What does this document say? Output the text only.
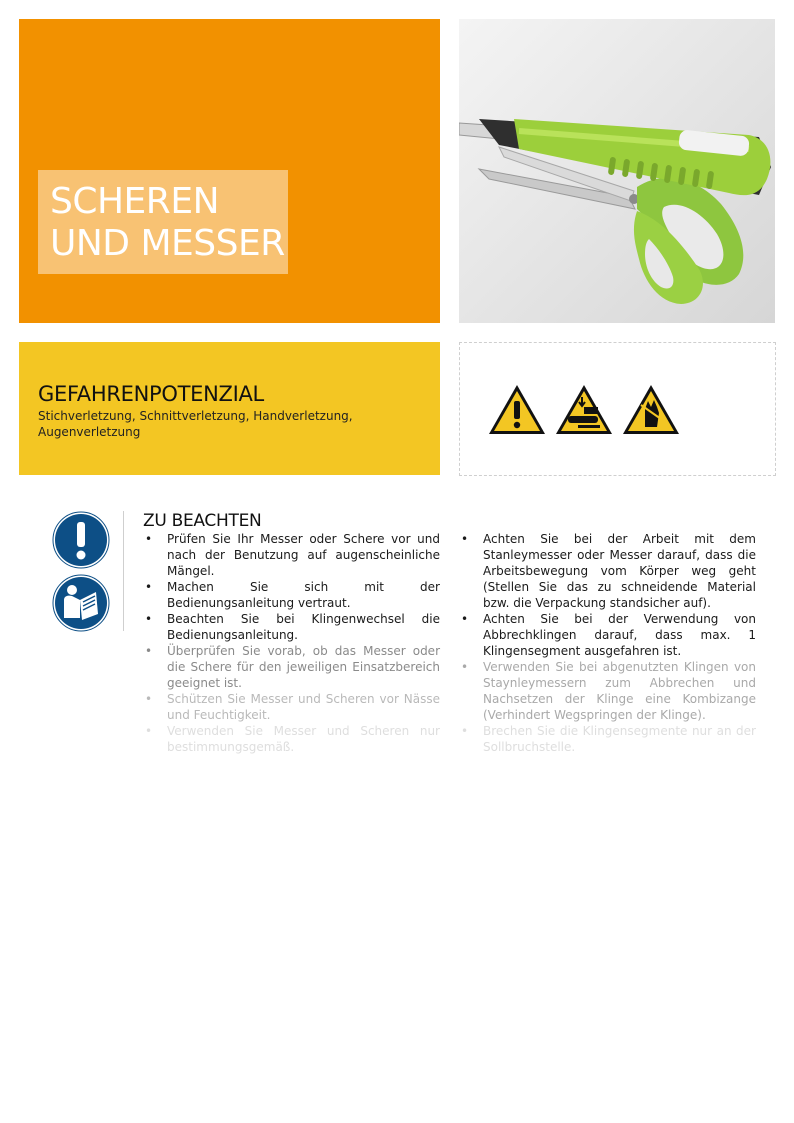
SCHEREN
UND MESSER
GEFAHRENPOTENZIAL
Stichverletzung, Schnittverletzung, Handverletzung, Augenverletzung
ZU BEACHTEN
• Prüfen Sie Ihr Messer oder Schere vor und nach der Benutzung auf augenscheinliche Mängel.
• Machen Sie sich mit der Bedienungsanleitung vertraut.
• Beachten Sie bei Klingenwechsel die Bedienungsanleitung.
• Überprüfen Sie vorab, ob das Messer oder die Schere für den jeweiligen Einsatzbereich geeignet ist.
• Schützen Sie Messer und Scheren vor Nässe und Feuchtigkeit.
• Verwenden Sie Messer und Scheren nur bestimmungsgemäß.
• Achten Sie bei der Arbeit mit dem Stanleymesser oder Messer darauf, dass die Arbeitsbewegung vom Körper weg geht (Stellen Sie das zu schneidende Material bzw. die Verpackung standsicher auf).
• Achten Sie bei der Verwendung von Abbrechklingen darauf, dass max. 1 Klingensegment ausgefahren ist.
• Verwenden Sie bei abgenutzten Klingen von Staynleymessern zum Abbrechen und Nachsetzen der Klinge eine Kombizange (Verhindert Wegspringen der Klinge).
• Brechen Sie die Klingensegmente nur an der Sollbruchstelle.
